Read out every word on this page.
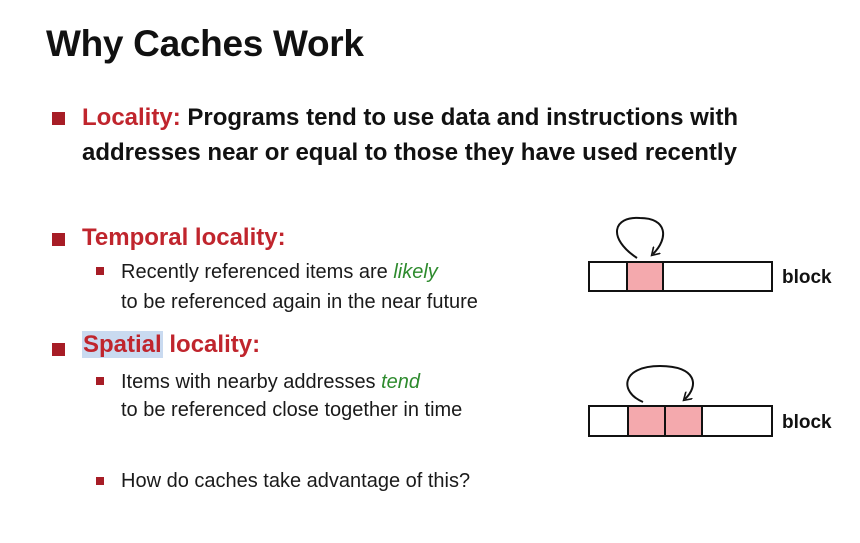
Why Caches Work
Locality: Programs tend to use data and instructions with
addresses near or equal to those they have used recently
Temporal locality:
Recently referenced items are likely
to be referenced again in the near future
block
Spatial locality:
Items with nearby addresses tend
to be referenced close together in time
block
How do caches take advantage of this?
